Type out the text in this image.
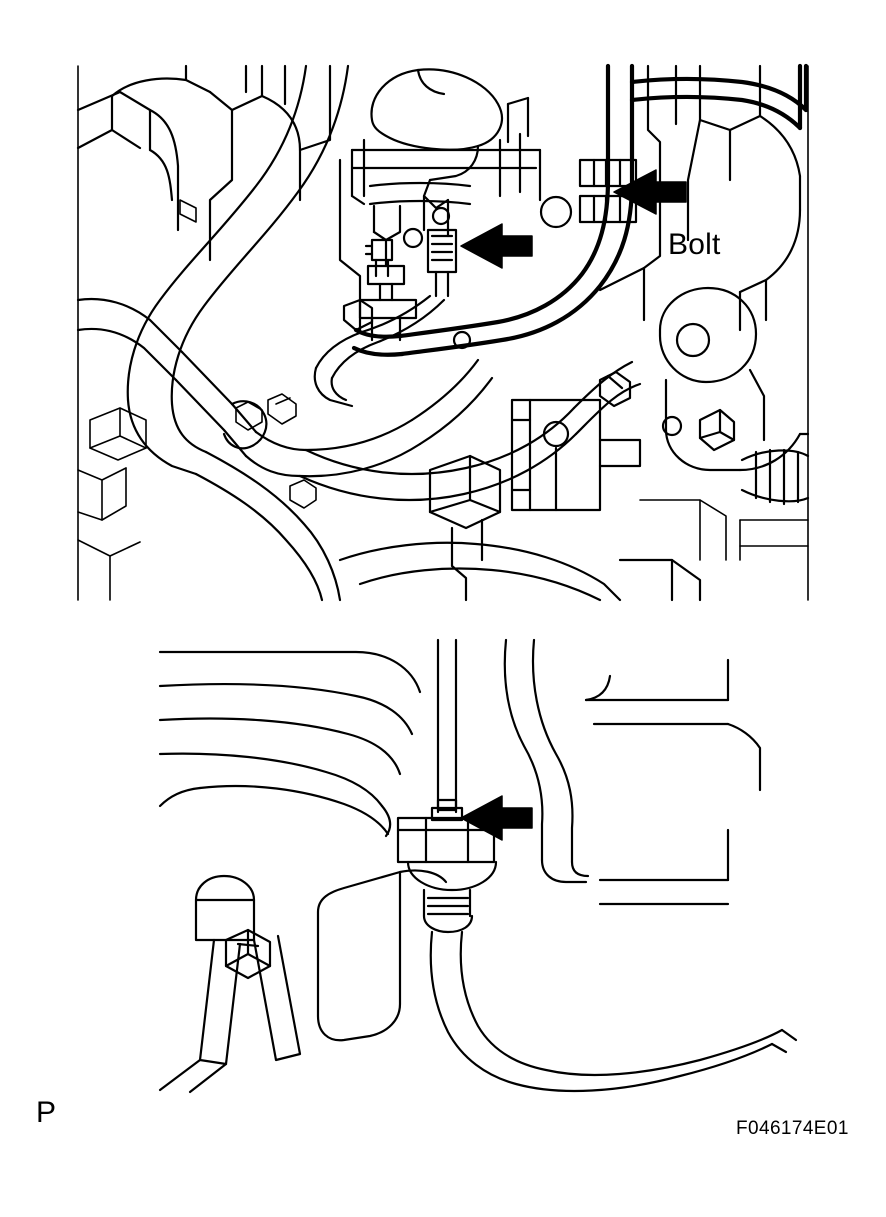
Bolt
P	F046174E01
